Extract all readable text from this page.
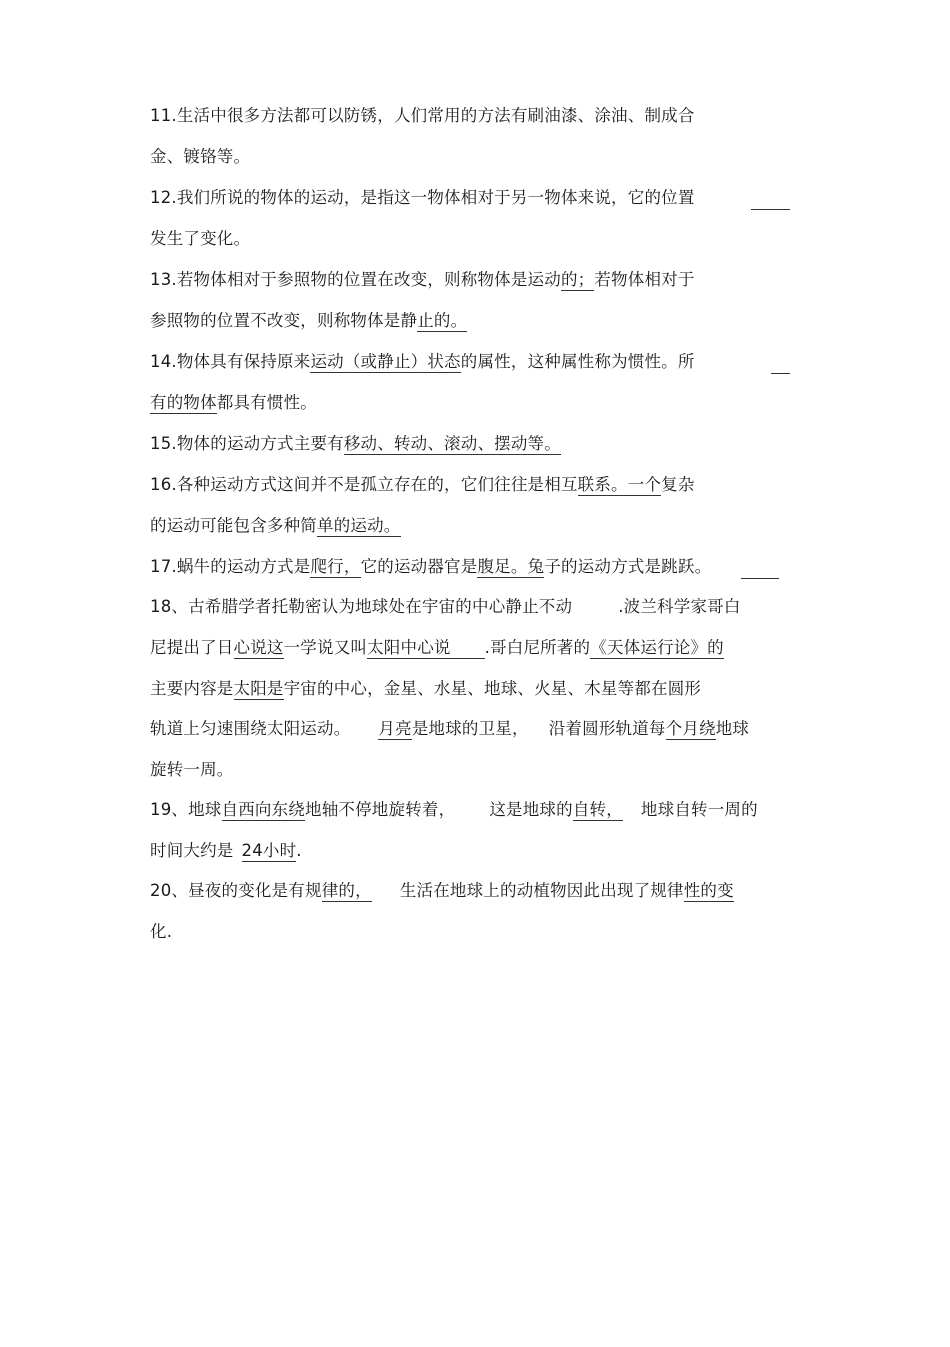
11.生活中很多方法都可以防锈，人们常用的方法有刷油漆、涂油、制成合
金、镀铬等。
12.我们所说的物体的运动，是指这一物体相对于另一物体来说，它的位置
发生了变化。
13.若物体相对于参照物的位置在改变，则称物体是运动的；若物体相对于
参照物的位置不改变，则称物体是静止的。
14.物体具有保持原来运动（或静止）状态的属性，这种属性称为惯性。所
有的物体都具有惯性。
15.物体的运动方式主要有移动、转动、滚动、摆动等。
16.各种运动方式这间并不是孤立存在的，它们往往是相互联系。一个复杂
的运动可能包含多种简单的运动。
17.蜗牛的运动方式是爬行，它的运动器官是腹足。兔子的运动方式是跳跃。
18、古希腊学者托勒密认为地球处在宇宙的中心静止不动	.波兰科学家哥白
尼提出了日心说这一学说又叫太阳中心说 .哥白尼所著的《天体运行论》的
主要内容是太阳是宇宙的中心，金星、水星、地球、火星、木星等都在圆形
轨道上匀速围绕太阳运动。 月亮是地球的卫星， 沿着圆形轨道每个月绕地球
旋转一周。
19、地球自西向东绕地轴不停地旋转着， 这是地球的自转， 地球自转一周的
时间大约是 24小时.
20、昼夜的变化是有规律的， 生活在地球上的动植物因此出现了规律性的变
化.
